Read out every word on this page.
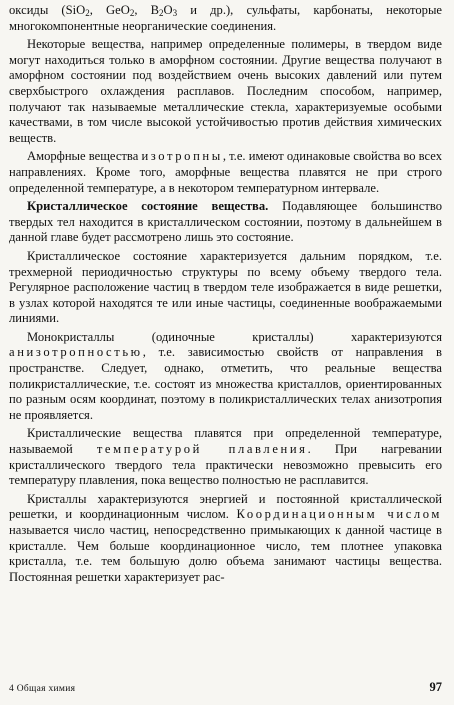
оксиды (SiO$_2$, GeO$_2$, $B_2O_3$ и др.), сульфаты, карбонаты, некоторые многокомпонентные неорганические соединения.

Некоторые вещества, например определенные полимеры, в твердом виде могут находиться только в аморфном состоянии. Другие вещества получают в аморфном состоянии под воздействием очень высоких давлений или путем сверхбыстрого охлаждения расплавов. Последним способом, например, получают так называемые металлические стекла, характеризуемые особыми качествами, в том числе высокой устойчивостью против действия химических веществ.

Аморфные вещества изотропны, т.е. имеют одинаковые свойства во всех направлениях. Кроме того, аморфные вещества плавятся не при строго определенной температуре, а в некотором температурном интервале.

Кристаллическое состояние вещества. Подавляющее большинство твердых тел находится в кристаллическом состоянии, поэтому в дальнейшем в данной главе будет рассмотрено лишь это состояние.

Кристаллическое состояние характеризуется дальним порядком, т.е. трехмерной периодичностью структуры по всему объему твердого тела. Регулярное расположение частиц в твердом теле изображается в виде решетки, в узлах которой находятся те или иные частицы, соединенные воображаемыми линиями.

Монокристаллы (одиночные кристаллы) характеризуются анизотропностью, т.е. зависимостью свойств от направления в пространстве. Следует, однако, отметить, что реальные вещества поликристаллические, т.е. состоят из множества кристаллов, ориентированных по разным осям координат, поэтому в поликристаллических телах анизотропия не проявляется.

Кристаллические вещества плавятся при определенной температуре, называемой температурой плавления. При нагревании кристаллического твердого тела практически невозможно превысить его температуру плавления, пока вещество полностью не расплавится.

Кристаллы характеризуются энергией и постоянной кристаллической решетки, и координационным числом. Координационным числом называется число частиц, непосредственно примыкающих к данной частице в кристалле. Чем больше координационное число, тем плотнее упаковка кристалла, т.е. тем большую долю объема занимают частицы вещества. Постоянная решетки характеризует рас-

4 Общая химия	97
